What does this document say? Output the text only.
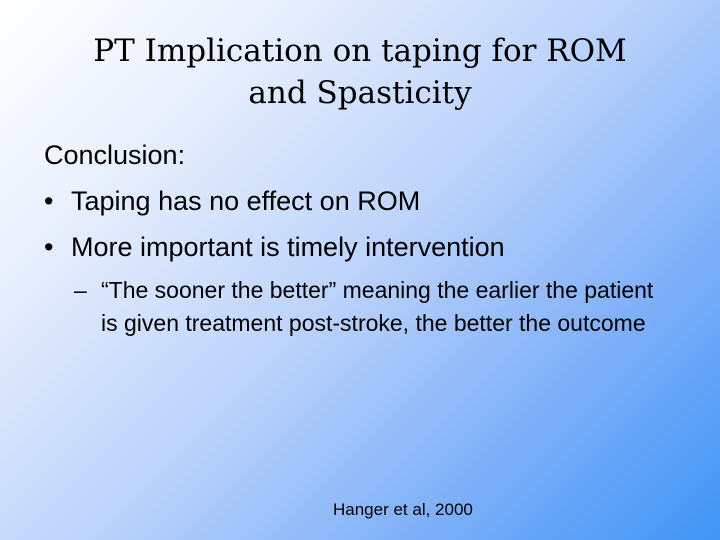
PT Implication on taping for ROM
and Spasticity
Conclusion:
• Taping has no effect on ROM
• More important is timely intervention
– “The sooner the better” meaning the earlier the patient is given treatment post-stroke, the better the outcome
Hanger et al, 2000
